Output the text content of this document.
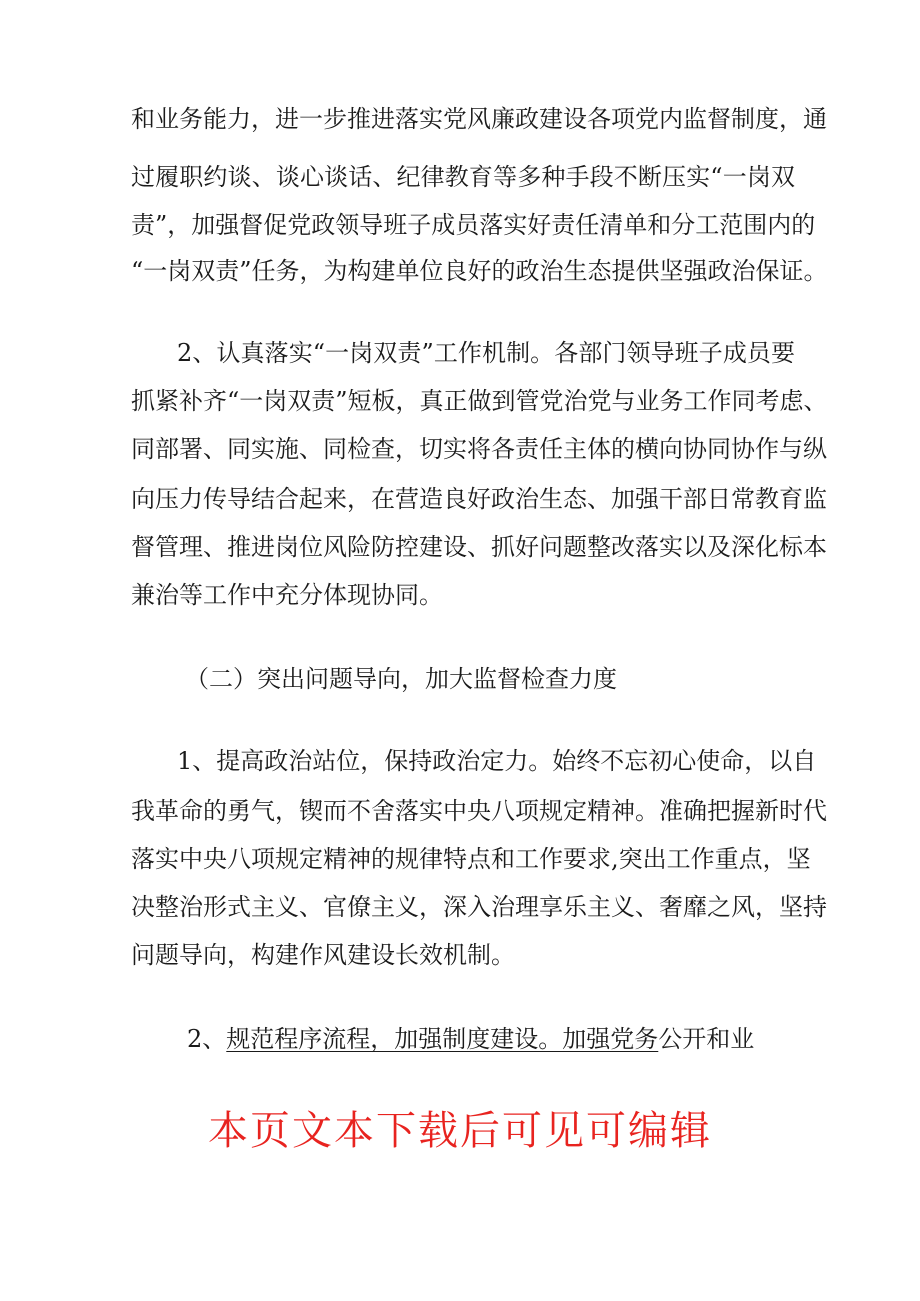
和业务能力，进一步推进落实党风廉政建设各项党内监督制度，通
过履职约谈、谈心谈话、纪律教育等多种手段不断压实“一岗双
责”，加强督促党政领导班子成员落实好责任清单和分工范围内的
“一岗双责”任务，为构建单位良好的政治生态提供坚强政治保证。
2、认真落实“一岗双责”工作机制。各部门领导班子成员要
抓紧补齐“一岗双责”短板，真正做到管党治党与业务工作同考虑、
同部署、同实施、同检查，切实将各责任主体的横向协同协作与纵
向压力传导结合起来，在营造良好政治生态、加强干部日常教育监
督管理、推进岗位风险防控建设、抓好问题整改落实以及深化标本
兼治等工作中充分体现协同。
（二）突出问题导向，加大监督检查力度
1、提高政治站位，保持政治定力。始终不忘初心使命，以自
我革命的勇气，锲而不舍落实中央八项规定精神。准确把握新时代
落实中央八项规定精神的规律特点和工作要求,突出工作重点，坚
决整治形式主义、官僚主义，深入治理享乐主义、奢靡之风，坚持
问题导向，构建作风建设长效机制。
2、规范程序流程，加强制度建设。加强党务公开和业
本页文本下载后可见可编辑
